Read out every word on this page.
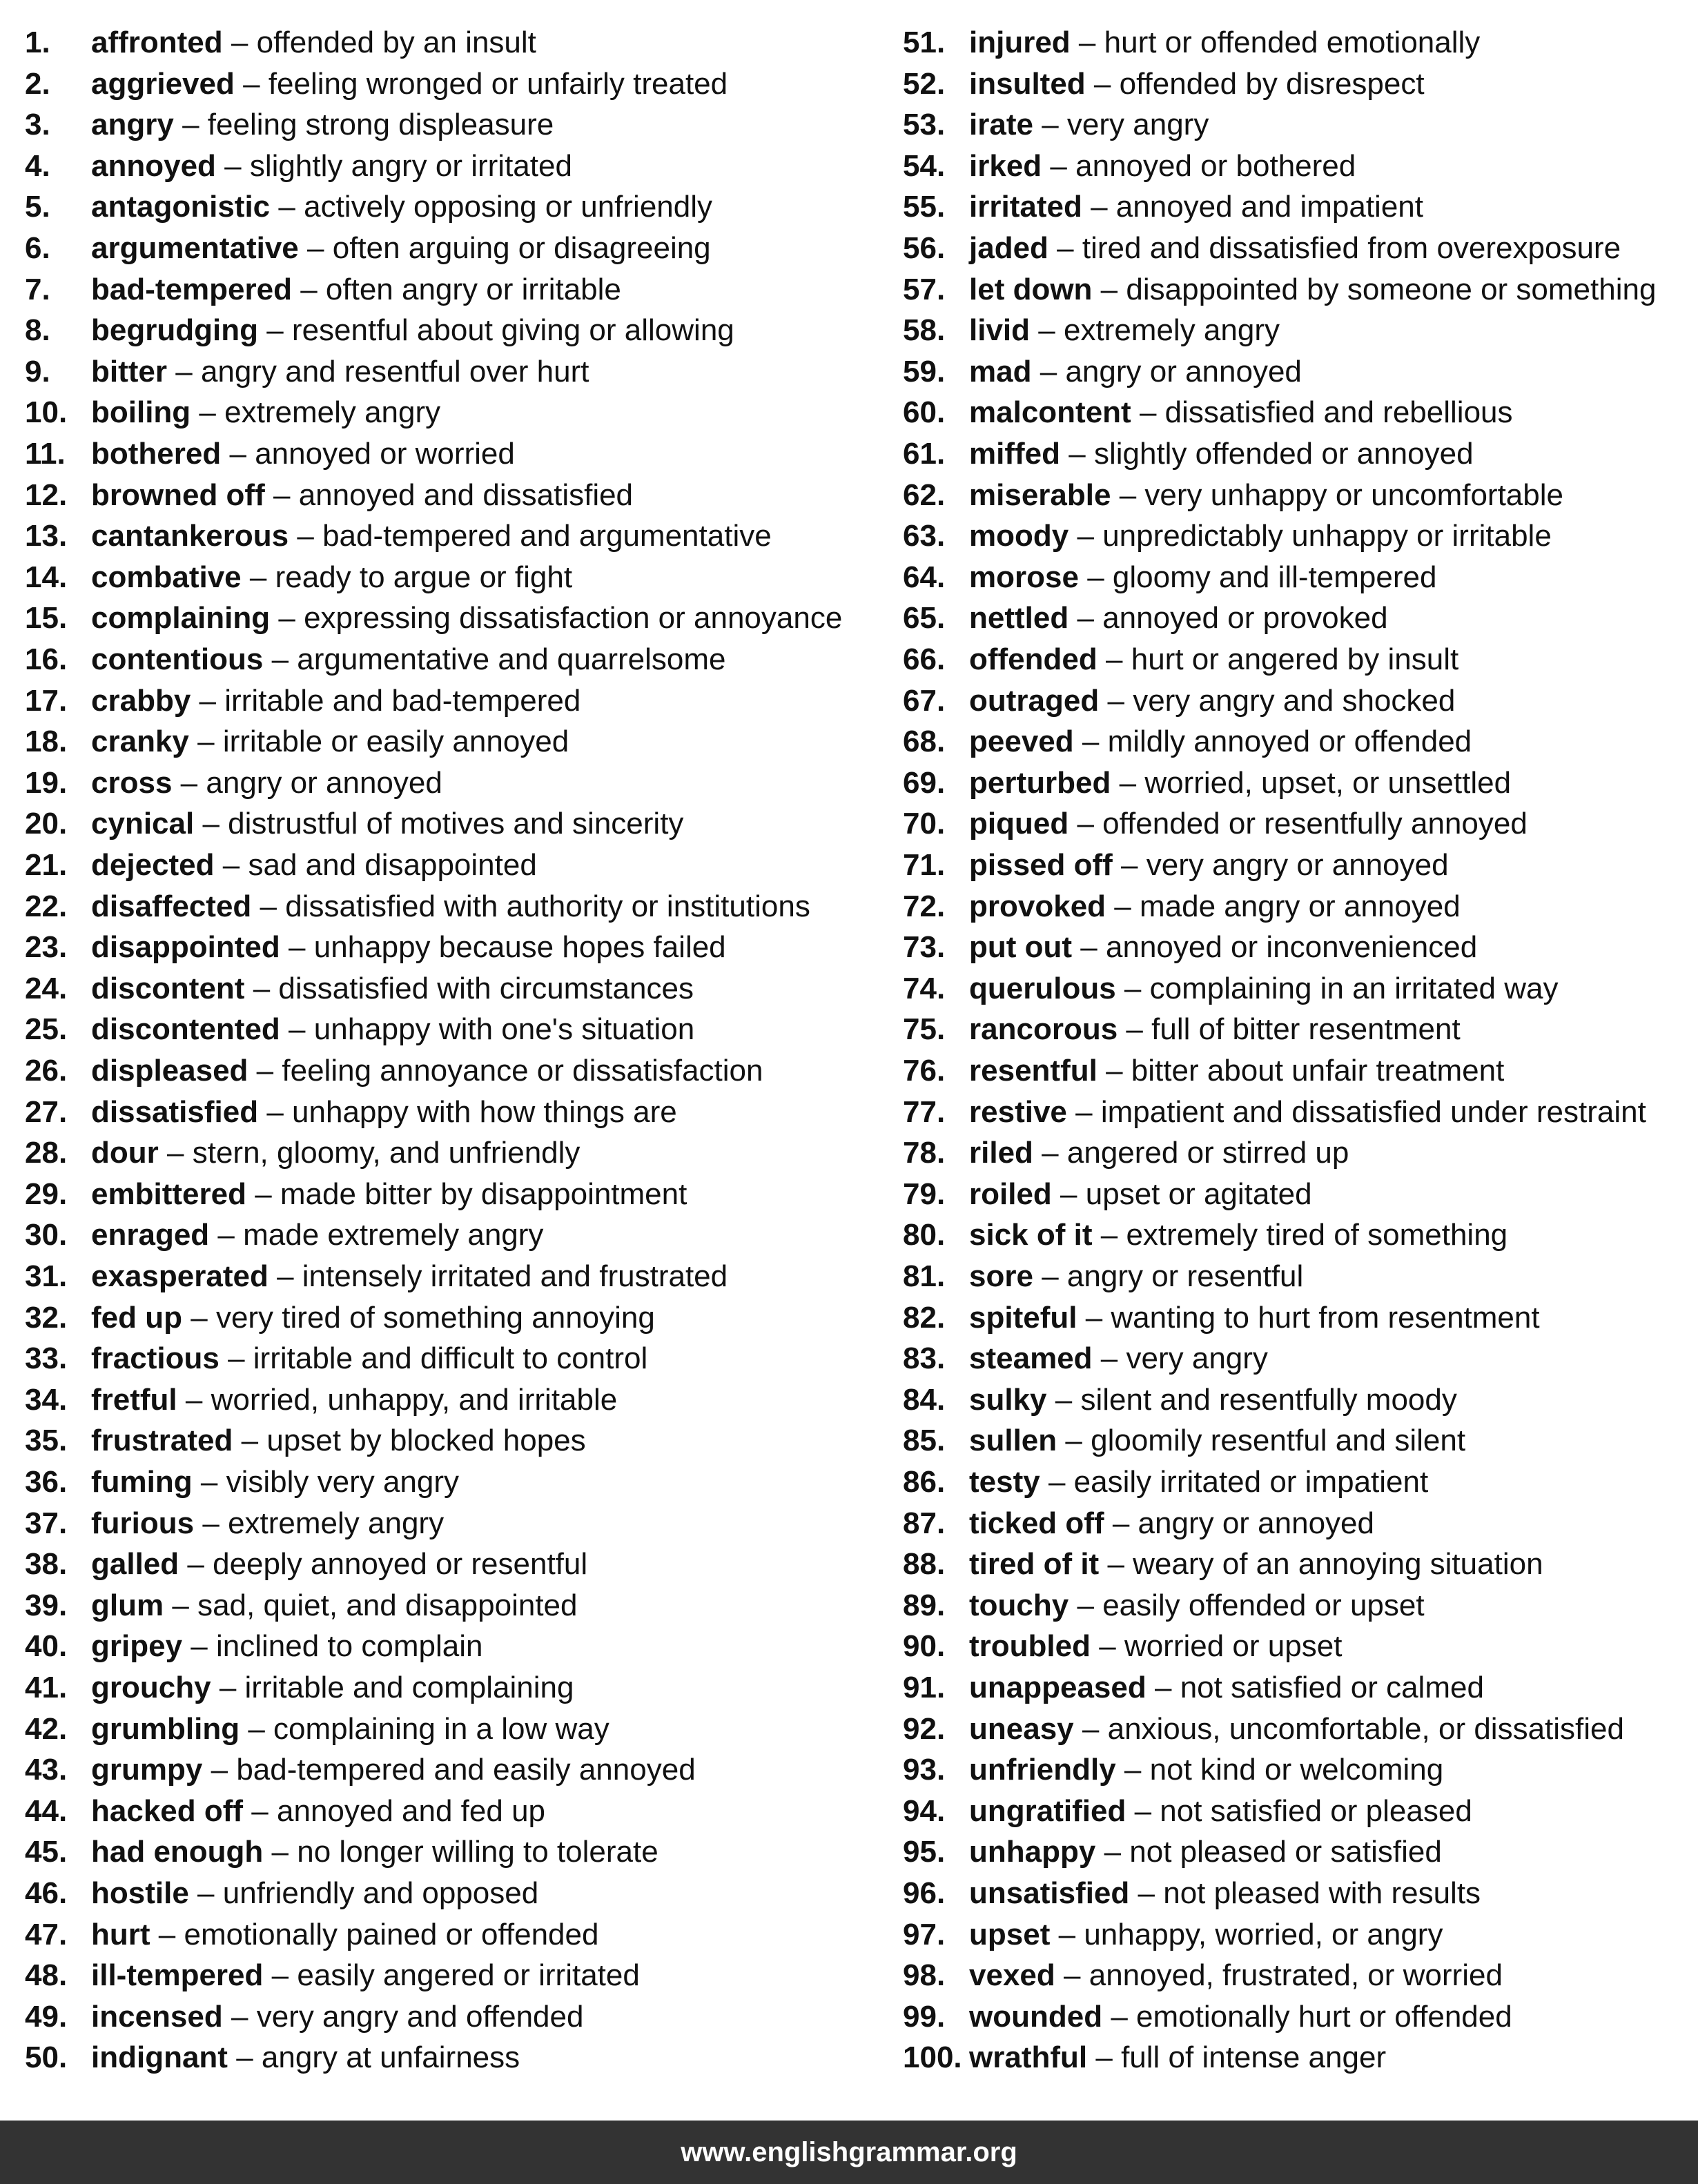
1. affronted – offended by an insult
2. aggrieved – feeling wronged or unfairly treated
3. angry – feeling strong displeasure
4. annoyed – slightly angry or irritated
5. antagonistic – actively opposing or unfriendly
6. argumentative – often arguing or disagreeing
7. bad-tempered – often angry or irritable
8. begrudging – resentful about giving or allowing
9. bitter – angry and resentful over hurt
10. boiling – extremely angry
11. bothered – annoyed or worried
12. browned off – annoyed and dissatisfied
13. cantankerous – bad-tempered and argumentative
14. combative – ready to argue or fight
15. complaining – expressing dissatisfaction or annoyance
16. contentious – argumentative and quarrelsome
17. crabby – irritable and bad-tempered
18. cranky – irritable or easily annoyed
19. cross – angry or annoyed
20. cynical – distrustful of motives and sincerity
21. dejected – sad and disappointed
22. disaffected – dissatisfied with authority or institutions
23. disappointed – unhappy because hopes failed
24. discontent – dissatisfied with circumstances
25. discontented – unhappy with one's situation
26. displeased – feeling annoyance or dissatisfaction
27. dissatisfied – unhappy with how things are
28. dour – stern, gloomy, and unfriendly
29. embittered – made bitter by disappointment
30. enraged – made extremely angry
31. exasperated – intensely irritated and frustrated
32. fed up – very tired of something annoying
33. fractious – irritable and difficult to control
34. fretful – worried, unhappy, and irritable
35. frustrated – upset by blocked hopes
36. fuming – visibly very angry
37. furious – extremely angry
38. galled – deeply annoyed or resentful
39. glum – sad, quiet, and disappointed
40. gripey – inclined to complain
41. grouchy – irritable and complaining
42. grumbling – complaining in a low way
43. grumpy – bad-tempered and easily annoyed
44. hacked off – annoyed and fed up
45. had enough – no longer willing to tolerate
46. hostile – unfriendly and opposed
47. hurt – emotionally pained or offended
48. ill-tempered – easily angered or irritated
49. incensed – very angry and offended
50. indignant – angry at unfairness
51. injured – hurt or offended emotionally
52. insulted – offended by disrespect
53. irate – very angry
54. irked – annoyed or bothered
55. irritated – annoyed and impatient
56. jaded – tired and dissatisfied from overexposure
57. let down – disappointed by someone or something
58. livid – extremely angry
59. mad – angry or annoyed
60. malcontent – dissatisfied and rebellious
61. miffed – slightly offended or annoyed
62. miserable – very unhappy or uncomfortable
63. moody – unpredictably unhappy or irritable
64. morose – gloomy and ill-tempered
65. nettled – annoyed or provoked
66. offended – hurt or angered by insult
67. outraged – very angry and shocked
68. peeved – mildly annoyed or offended
69. perturbed – worried, upset, or unsettled
70. piqued – offended or resentfully annoyed
71. pissed off – very angry or annoyed
72. provoked – made angry or annoyed
73. put out – annoyed or inconvenienced
74. querulous – complaining in an irritated way
75. rancorous – full of bitter resentment
76. resentful – bitter about unfair treatment
77. restive – impatient and dissatisfied under restraint
78. riled – angered or stirred up
79. roiled – upset or agitated
80. sick of it – extremely tired of something
81. sore – angry or resentful
82. spiteful – wanting to hurt from resentment
83. steamed – very angry
84. sulky – silent and resentfully moody
85. sullen – gloomily resentful and silent
86. testy – easily irritated or impatient
87. ticked off – angry or annoyed
88. tired of it – weary of an annoying situation
89. touchy – easily offended or upset
90. troubled – worried or upset
91. unappeased – not satisfied or calmed
92. uneasy – anxious, uncomfortable, or dissatisfied
93. unfriendly – not kind or welcoming
94. ungratified – not satisfied or pleased
95. unhappy – not pleased or satisfied
96. unsatisfied – not pleased with results
97. upset – unhappy, worried, or angry
98. vexed – annoyed, frustrated, or worried
99. wounded – emotionally hurt or offended
100. wrathful – full of intense anger
www.englishgrammar.org
